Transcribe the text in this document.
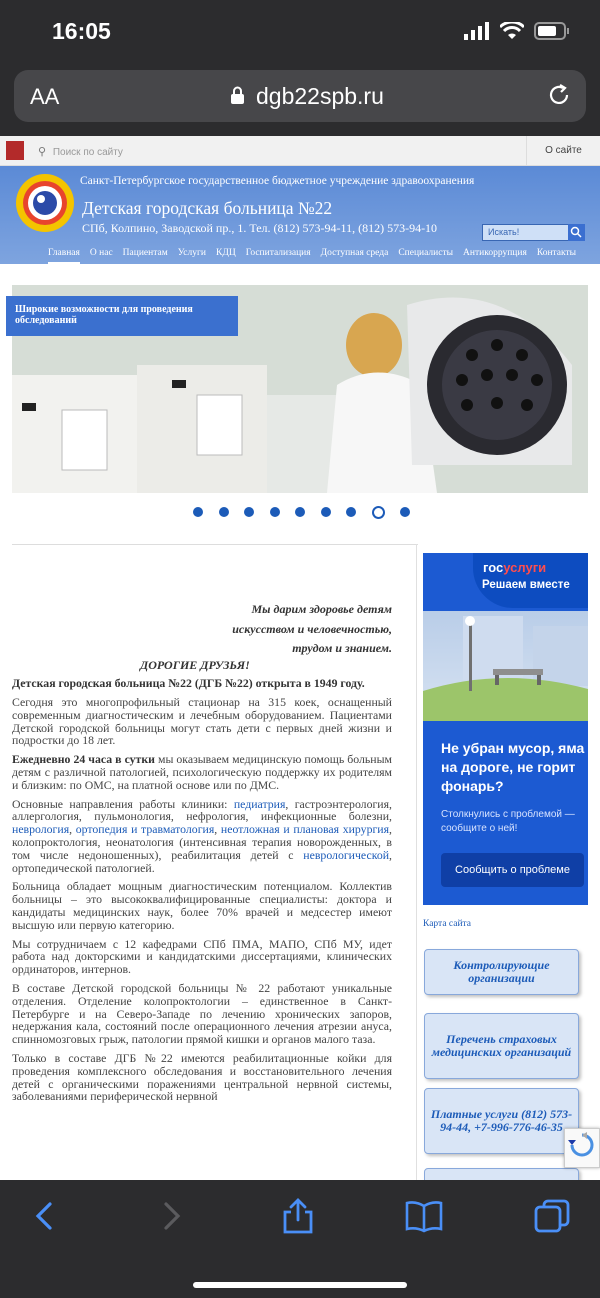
16:05
AA	dgb22spb.ru
⚲ Поиск по сайту	О сайте
Санкт-Петербургское государственное бюджетное учреждение здравоохранения
Детская городская больница №22
СПб, Колпино, Заводской пр., 1. Тел. (812) 573-94-11, (812) 573-94-10	Искать!
Главная О нас Пациентам Услуги КДЦ Госпитализация Доступная среда Специалисты Антикоррупция Контакты
Широкие возможности для проведения обследований
Мы дарим здоровье детям
искусством и человечностью,
трудом и знанием.
ДОРОГИЕ ДРУЗЬЯ!

Детская городская больница №22 (ДГБ №22) открыта в 1949 году.

Сегодня это многопрофильный стационар на 315 коек, оснащенный современным диагностическим и лечебным оборудованием. Пациентами Детской городской больницы могут стать дети с первых дней жизни и подростки до 18 лет.

Ежедневно 24 часа в сутки мы оказываем медицинскую помощь больным детям с различной патологией, психологическую поддержку их родителям и близким: по ОМС, на платной основе или по ДМС.

Основные направления работы клиники: педиатрия, гастроэнтерология, аллергология, пульмонология, нефрология, инфекционные болезни, неврология, ортопедия и травматология, неотложная и плановая хирургия, колопроктология, неонатология (интенсивная терапия новорожденных, в том числе недоношенных), реабилитация детей с неврологической, ортопедической патологией.

Больница обладает мощным диагностическим потенциалом. Коллектив больницы – это высококвалифицированные специалисты: доктора и кандидаты медицинских наук, более 70% врачей и медсестер имеют высшую или первую категорию.

Мы сотрудничаем с 12 кафедрами СПб ПМА, МАПО, СПб МУ, идет работа над докторскими и кандидатскими диссертациями, клинических ординаторов, интернов.

В составе Детской городской больницы № 22 работают уникальные отделения. Отделение колопроктологии – единственное в Санкт-Петербурге и на Северо-Западе по лечению хронических запоров, недержания кала, состояний после операционного лечения атрезии ануса, спинномозговых грыж, патологии прямой кишки и органов малого таза.

Только в составе ДГБ №22 имеются реабилитационные койки для проведения комплексного обследования и восстановительного лечения детей с органическими поражениями центральной нервной системы, заболеваниями периферической нервной

госуслуги
Решаем вместе
Не убран мусор, яма на дороге, не горит фонарь?
Столкнулись с проблемой — сообщите о ней!
Сообщить о проблеме
Карта сайта
Контролирующие организации
Перечень страховых медицинских организаций
Платные услуги (812) 573-94-44, +7-996-776-46-35
